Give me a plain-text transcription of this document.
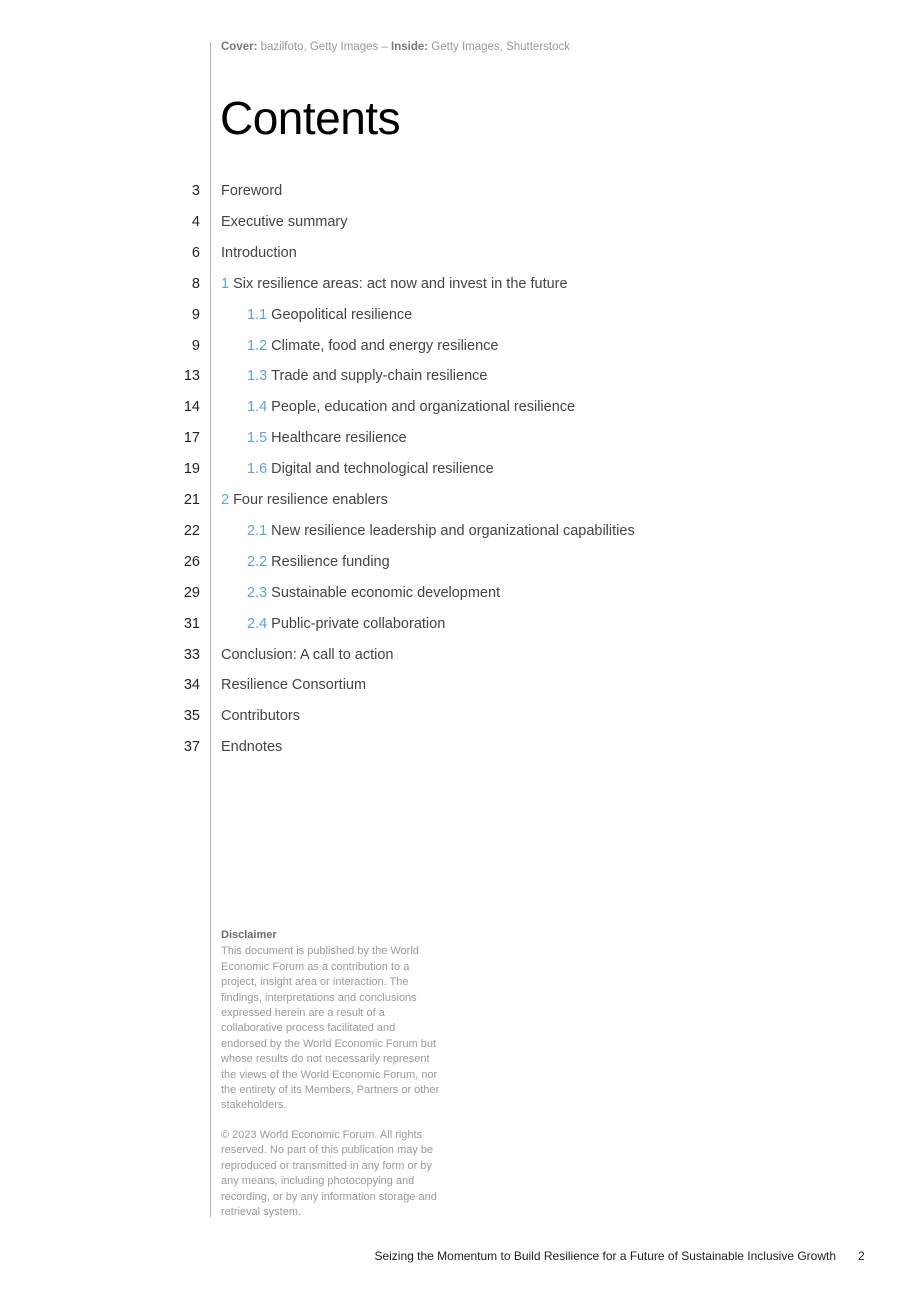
Cover: bazilfoto, Getty Images – Inside: Getty Images, Shutterstock
Contents
3 Foreword
4 Executive summary
6 Introduction
8 1 Six resilience areas: act now and invest in the future
9	1.1 Geopolitical resilience
9	1.2 Climate, food and energy resilience
13	1.3 Trade and supply-chain resilience
14	1.4 People, education and organizational resilience
17	1.5 Healthcare resilience
19	1.6 Digital and technological resilience
21 2 Four resilience enablers
22	2.1 New resilience leadership and organizational capabilities
26	2.2 Resilience funding
29	2.3 Sustainable economic development
31	2.4 Public-private collaboration
33 Conclusion: A call to action
34 Resilience Consortium
35 Contributors
37 Endnotes
Disclaimer

This document is published by the World Economic Forum as a contribution to a project, insight area or interaction. The findings, interpretations and conclusions expressed herein are a result of a collaborative process facilitated and endorsed by the World Economic Forum but whose results do not necessarily represent the views of the World Economic Forum, nor the entirety of its Members, Partners or other stakeholders.

© 2023 World Economic Forum. All rights reserved. No part of this publication may be reproduced or transmitted in any form or by any means, including photocopying and recording, or by any information storage and retrieval system.

Seizing the Momentum to Build Resilience for a Future of Sustainable Inclusive Growth 2
